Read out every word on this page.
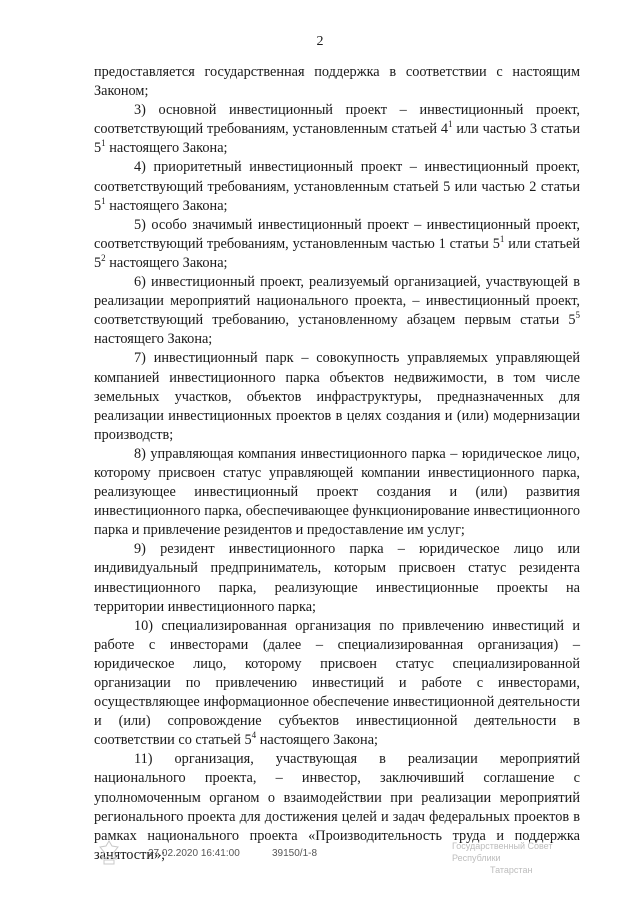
2

предоставляется государственная поддержка в соответствии с настоящим Законом;

3) основной инвестиционный проект – инвестиционный проект, соответствующий требованиям, установленным статьей $4^1$ или частью 3 статьи $5^1$ настоящего Закона;

4) приоритетный инвестиционный проект – инвестиционный проект, соответствующий требованиям, установленным статьей 5 или частью 2 статьи $5^1$ настоящего Закона;

5) особо значимый инвестиционный проект – инвестиционный проект, соответствующий требованиям, установленным частью 1 статьи $5^1$ или статьей $5^2$ настоящего Закона;

6) инвестиционный проект, реализуемый организацией, участвующей в реализации мероприятий национального проекта, – инвестиционный проект, соответствующий требованию, установленному абзацем первым статьи $5^5$ настоящего Закона;

7) инвестиционный парк – совокупность управляемых управляющей компанией инвестиционного парка объектов недвижимости, в том числе земельных участков, объектов инфраструктуры, предназначенных для реализации инвестиционных проектов в целях создания и (или) модернизации производств;

8) управляющая компания инвестиционного парка – юридическое лицо, которому присвоен статус управляющей компании инвестиционного парка, реализующее инвестиционный проект создания и (или) развития инвестиционного парка, обеспечивающее функционирование инвестиционного парка и привлечение резидентов и предоставление им услуг;

9) резидент инвестиционного парка – юридическое лицо или индивидуальный предприниматель, которым присвоен статус резидента инвестиционного парка, реализующие инвестиционные проекты на территории инвестиционного парка;

10) специализированная организация по привлечению инвестиций и работе с инвесторами (далее – специализированная организация) – юридическое лицо, которому присвоен статус специализированной организации по привлечению инвестиций и работе с инвесторами, осуществляющее информационное обеспечение инвестиционной деятельности и (или) сопровождение субъектов инвестиционной деятельности в соответствии со статьей $5^4$ настоящего Закона;

11) организация, участвующая в реализации мероприятий национального проекта, – инвестор, заключивший соглашение с уполномоченным органом о взаимодействии при реализации мероприятий регионального проекта для достижения целей и задач федеральных проектов в рамках национального проекта «Производительность труда и поддержка занятости»;

27.02.2020 16:41:00	39150/1-8
Государственный Совет Республики
Татарстан
